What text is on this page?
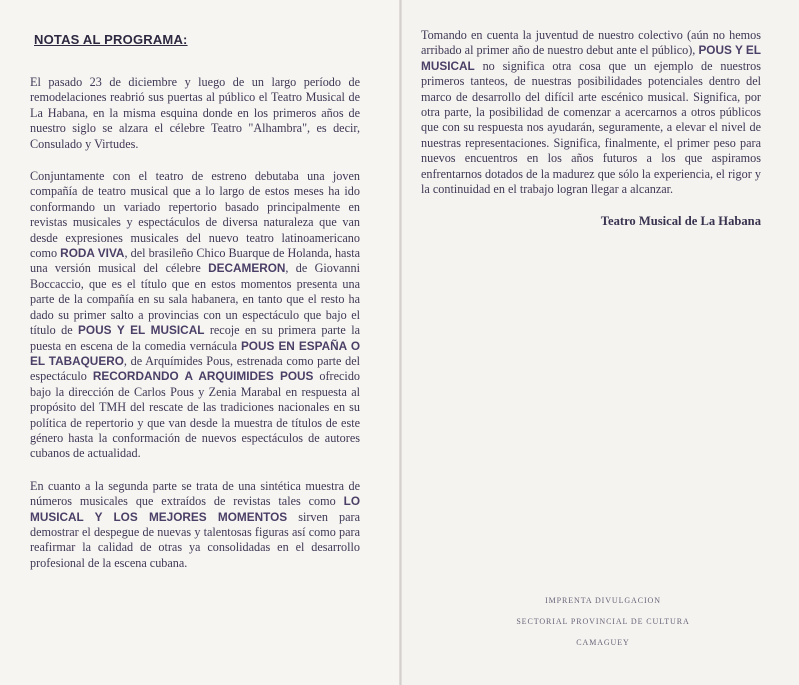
NOTAS AL PROGRAMA:

El pasado 23 de diciembre y luego de un largo período de remodelaciones reabrió sus puertas al público el Teatro Musical de La Habana, en la misma esquina donde en los primeros años de nuestro siglo se alzara el célebre Teatro "Alhambra", es decir, Consulado y Virtudes.

Conjuntamente con el teatro de estreno debutaba una joven compañía de teatro musical que a lo largo de estos meses ha ido conformando un variado repertorio basado principalmente en revistas musicales y espectáculos de diversa naturaleza que van desde expresiones musicales del nuevo teatro latinoamericano como RODA VIVA, del brasileño Chico Buarque de Holanda, hasta una versión musical del célebre DECAMERON, de Giovanni Boccaccio, que es el título que en estos momentos presenta una parte de la compañía en su sala habanera, en tanto que el resto ha dado su primer salto a provincias con un espectáculo que bajo el título de POUS Y EL MUSICAL recoje en su primera parte la puesta en escena de la comedia vernácula POUS EN ESPAÑA O EL TABAQUERO, de Arquímides Pous, estrenada como parte del espectáculo RECORDANDO A ARQUIMIDES POUS ofrecido bajo la dirección de Carlos Pous y Zenia Marabal en respuesta al propósito del TMH del rescate de las tradiciones nacionales en su política de repertorio y que van desde la muestra de títulos de este género hasta la conformación de nuevos espectáculos de autores cubanos de actualidad.

En cuanto a la segunda parte se trata de una sintética muestra de números musicales que extraídos de revistas tales como LO MUSICAL Y LOS MEJORES MOMENTOS sirven para demostrar el despegue de nuevas y talentosas figuras así como para reafirmar la calidad de otras ya consolidadas en el desarrollo profesional de la escena cubana.

Tomando en cuenta la juventud de nuestro colectivo (aún no hemos arribado al primer año de nuestro debut ante el público), POUS Y EL MUSICAL no significa otra cosa que un ejemplo de nuestros primeros tanteos, de nuestras posibilidades potenciales dentro del marco de desarrollo del difícil arte escénico musical. Significa, por otra parte, la posibilidad de comenzar a acercarnos a otros públicos que con su respuesta nos ayudarán, seguramente, a elevar el nivel de nuestras representaciones. Significa, finalmente, el primer peso para nuevos encuentros en los años futuros a los que aspiramos enfrentarnos dotados de la madurez que sólo la experiencia, el rigor y la continuidad en el trabajo logran llegar a alcanzar.

Teatro Musical de La Habana

IMPRENTA DIVULGACION
SECTORIAL PROVINCIAL DE CULTURA
CAMAGUEY
